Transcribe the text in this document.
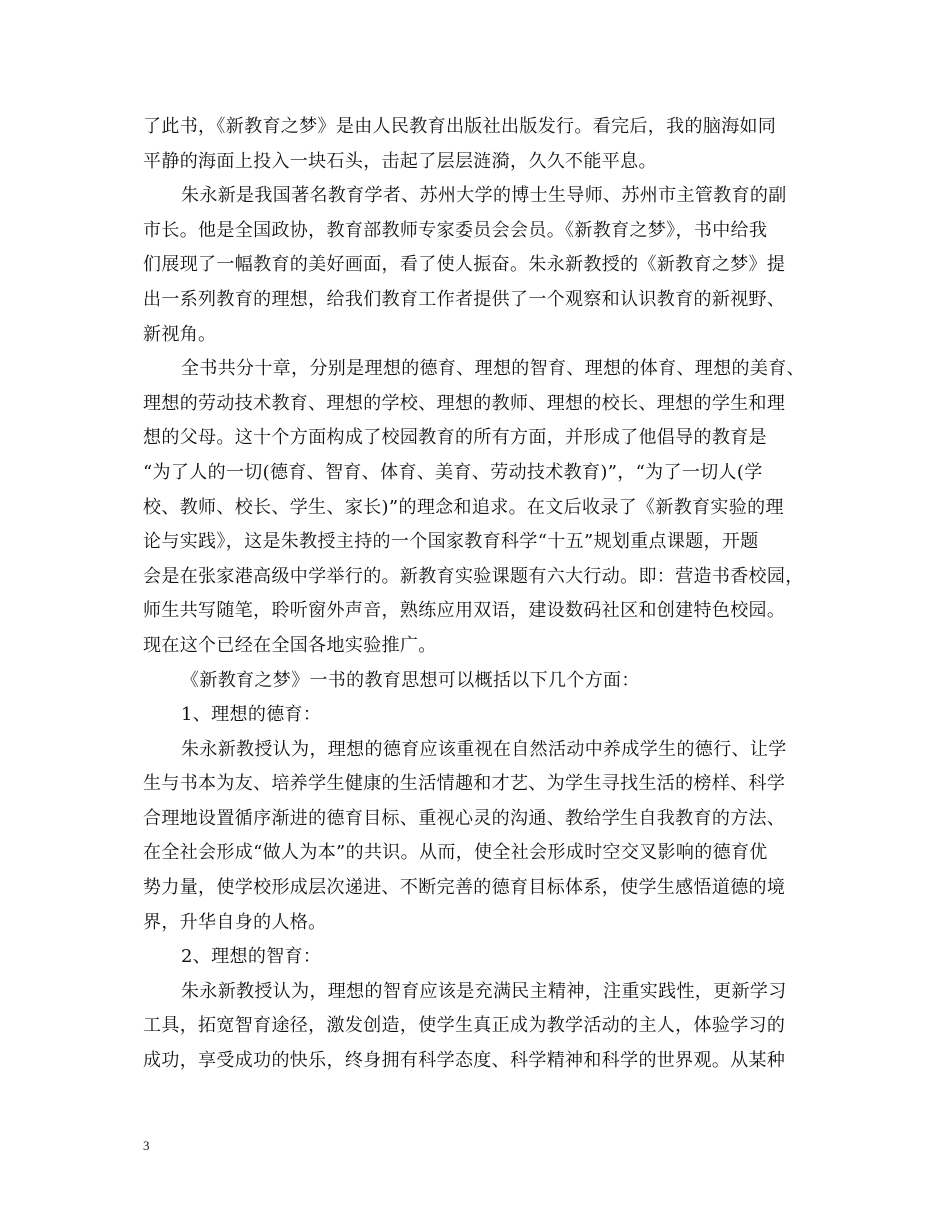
了此书，《新教育之梦》是由人民教育出版社出版发行。看完后，我的脑海如同
平静的海面上投入一块石头，击起了层层涟漪，久久不能平息。
朱永新是我国著名教育学者、苏州大学的博士生导师、苏州市主管教育的副
市长。他是全国政协，教育部教师专家委员会会员。《新教育之梦》，书中给我
们展现了一幅教育的美好画面，看了使人振奋。朱永新教授的《新教育之梦》提
出一系列教育的理想，给我们教育工作者提供了一个观察和认识教育的新视野、
新视角。
全书共分十章，分别是理想的德育、理想的智育、理想的体育、理想的美育、
理想的劳动技术教育、理想的学校、理想的教师、理想的校长、理想的学生和理
想的父母。这十个方面构成了校园教育的所有方面，并形成了他倡导的教育是
“为了人的一切(德育、智育、体育、美育、劳动技术教育)”，“为了一切人(学
校、教师、校长、学生、家长)”的理念和追求。在文后收录了《新教育实验的理
论与实践》，这是朱教授主持的一个国家教育科学“十五”规划重点课题，开题
会是在张家港高级中学举行的。新教育实验课题有六大行动。即：营造书香校园，
师生共写随笔，聆听窗外声音，熟练应用双语，建设数码社区和创建特色校园。
现在这个已经在全国各地实验推广。
《新教育之梦》一书的教育思想可以概括以下几个方面：
1、理想的德育：
朱永新教授认为，理想的德育应该重视在自然活动中养成学生的德行、让学
生与书本为友、培养学生健康的生活情趣和才艺、为学生寻找生活的榜样、科学
合理地设置循序渐进的德育目标、重视心灵的沟通、教给学生自我教育的方法、
在全社会形成“做人为本”的共识。从而，使全社会形成时空交叉影响的德育优
势力量，使学校形成层次递进、不断完善的德育目标体系，使学生感悟道德的境
界，升华自身的人格。
2、理想的智育：
朱永新教授认为，理想的智育应该是充满民主精神，注重实践性，更新学习
工具，拓宽智育途径，激发创造，使学生真正成为教学活动的主人，体验学习的
成功，享受成功的快乐，终身拥有科学态度、科学精神和科学的世界观。从某种
3
